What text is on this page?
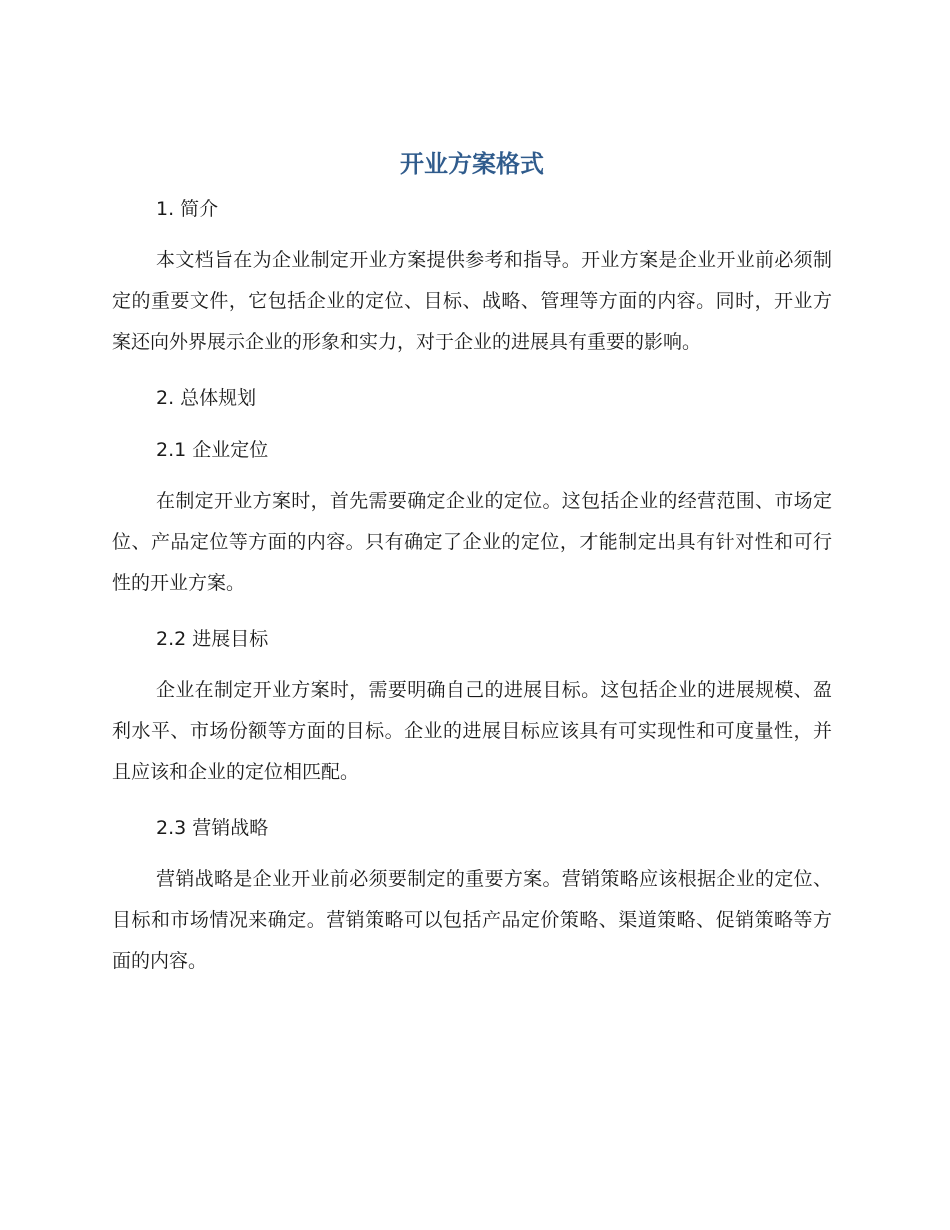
开业方案格式

1. 简介

本文档旨在为企业制定开业方案提供参考和指导。开业方案是企业开业前必须制定的重要文件，它包括企业的定位、目标、战略、管理等方面的内容。同时，开业方案还向外界展示企业的形象和实力，对于企业的进展具有重要的影响。

2. 总体规划

2.1 企业定位

在制定开业方案时，首先需要确定企业的定位。这包括企业的经营范围、市场定位、产品定位等方面的内容。只有确定了企业的定位，才能制定出具有针对性和可行性的开业方案。

2.2 进展目标

企业在制定开业方案时，需要明确自己的进展目标。这包括企业的进展规模、盈利水平、市场份额等方面的目标。企业的进展目标应该具有可实现性和可度量性，并且应该和企业的定位相匹配。

2.3 营销战略

营销战略是企业开业前必须要制定的重要方案。营销策略应该根据企业的定位、目标和市场情况来确定。营销策略可以包括产品定价策略、渠道策略、促销策略等方面的内容。
